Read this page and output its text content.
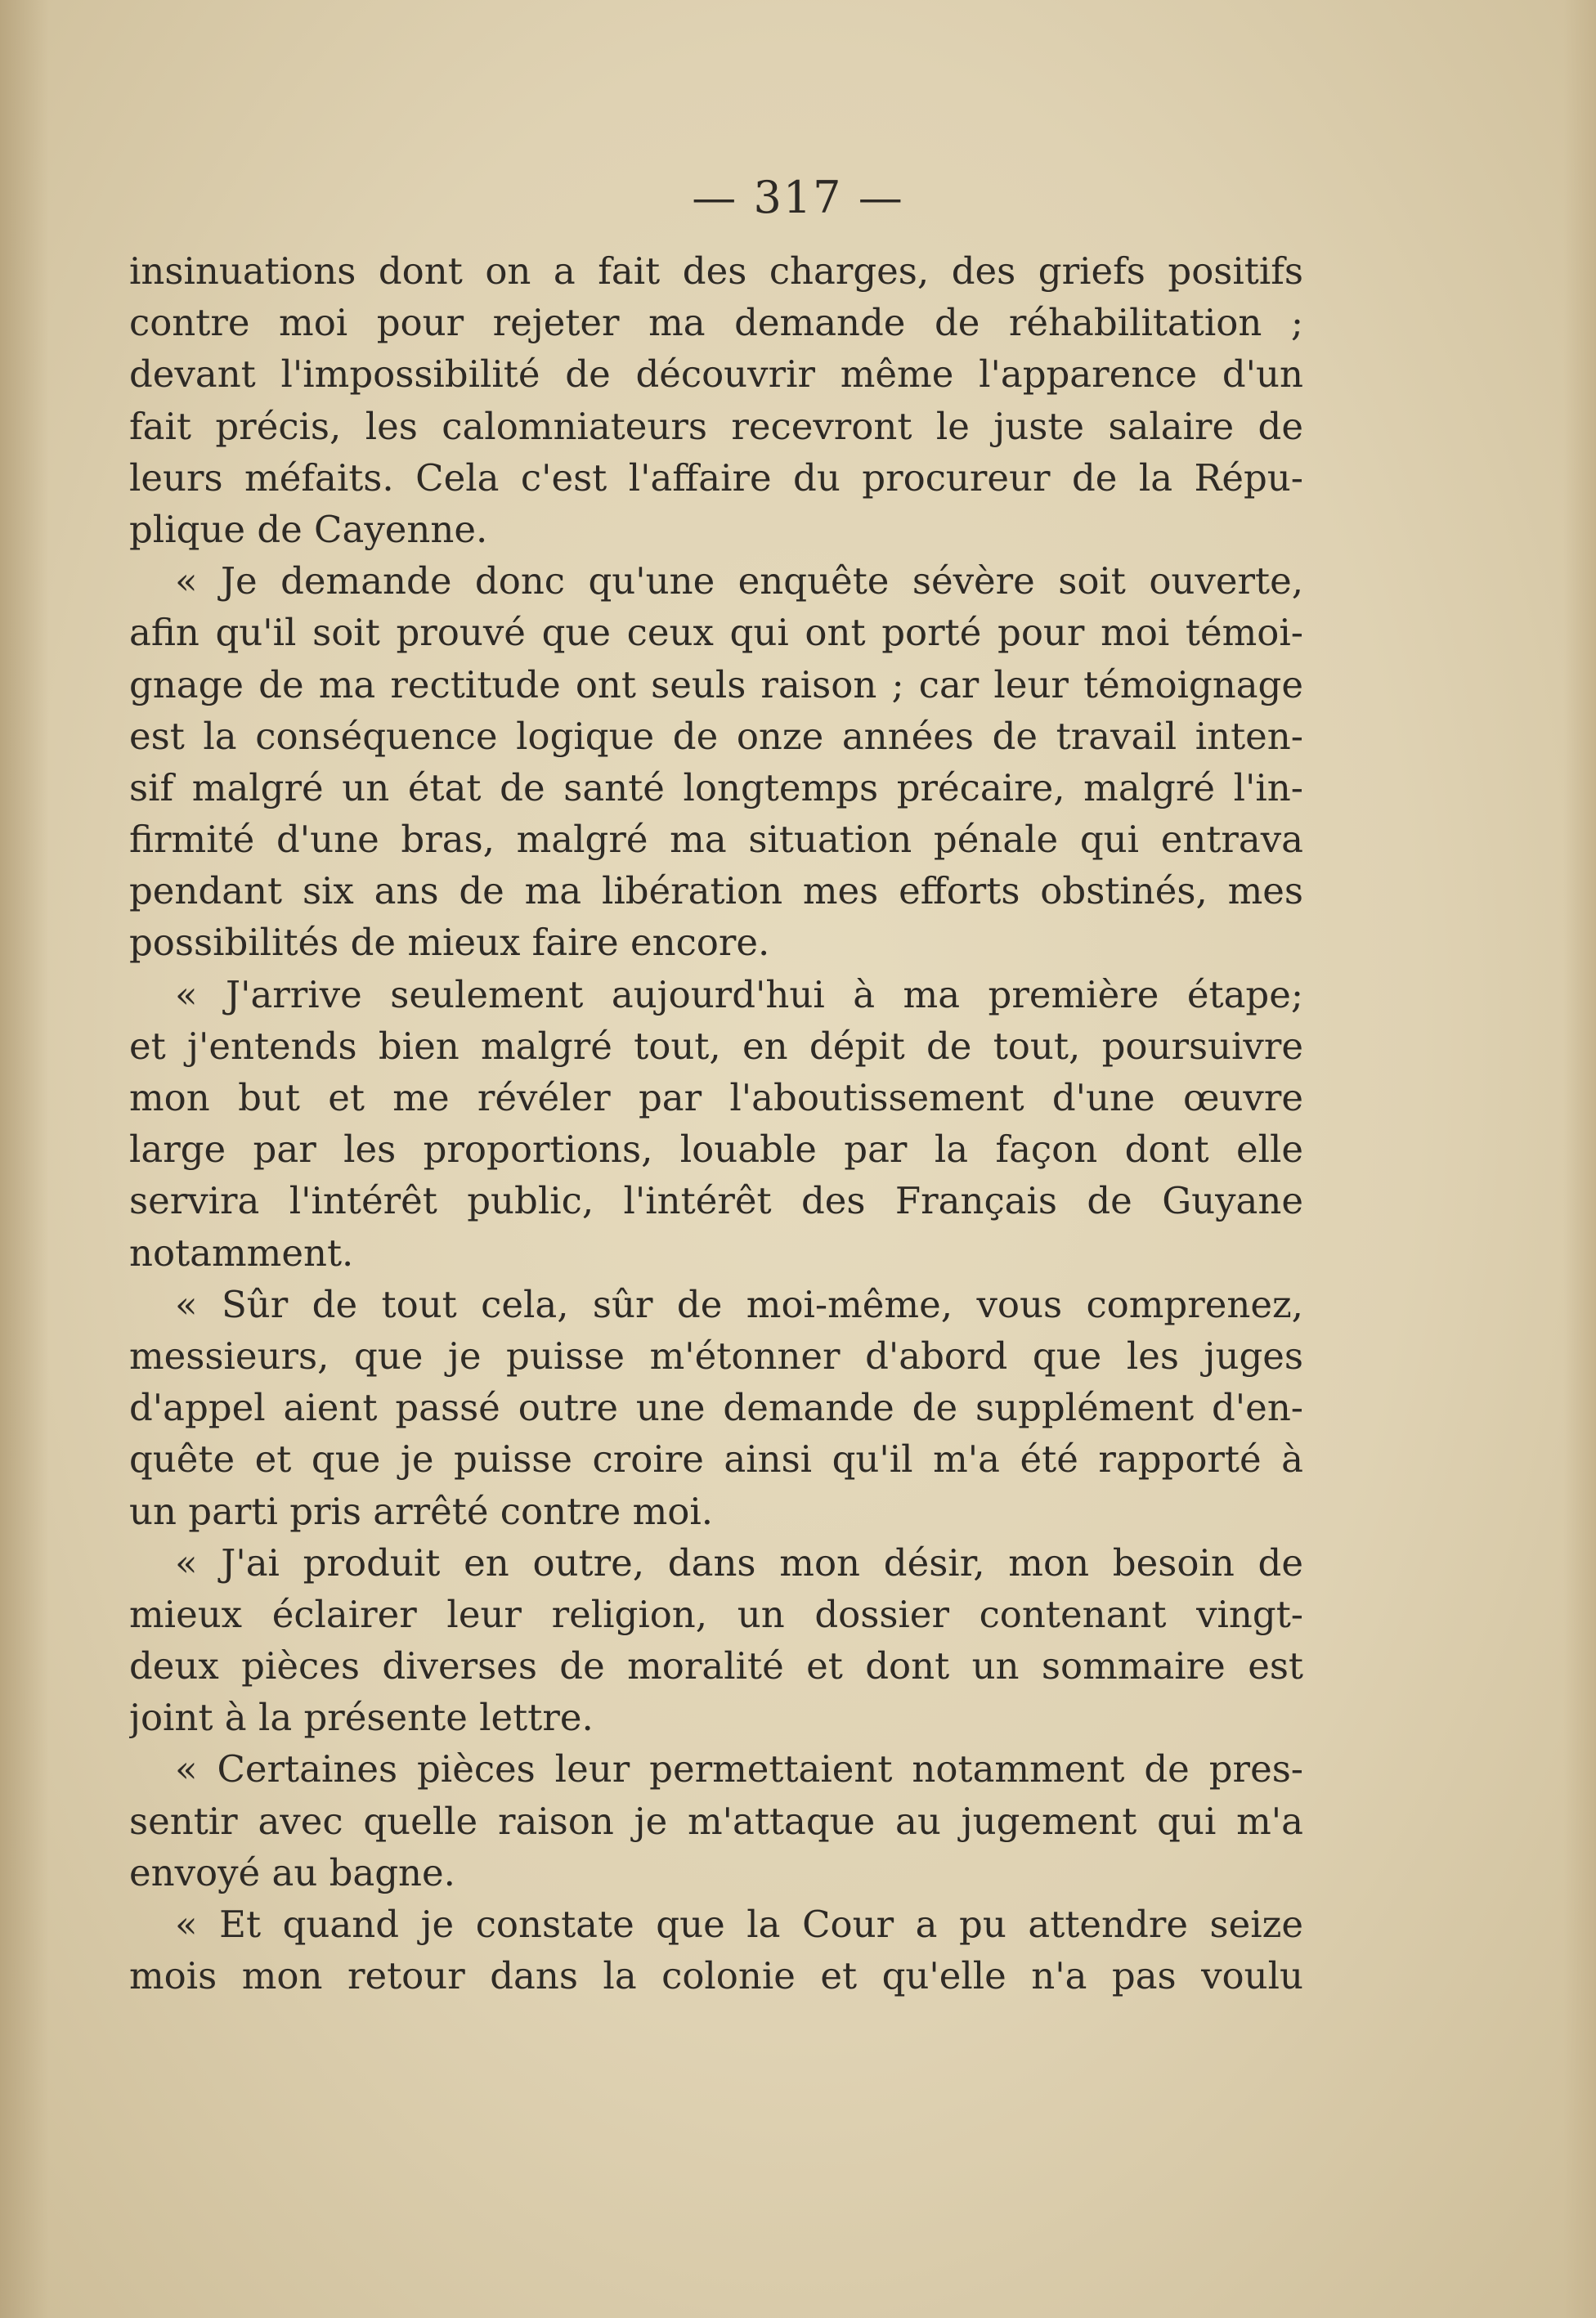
— 317 —
insinuations dont on a fait des charges, des griefs positifs
contre moi pour rejeter ma demande de réhabilitation ;
devant l'impossibilité de découvrir même l'apparence d'un
fait précis, les calomniateurs recevront le juste salaire de
leurs méfaits. Cela c'est l'affaire du procureur de la Répu-
plique de Cayenne.
« Je demande donc qu'une enquête sévère soit ouverte,
afin qu'il soit prouvé que ceux qui ont porté pour moi témoi-
gnage de ma rectitude ont seuls raison ; car leur témoignage
est la conséquence logique de onze années de travail inten-
sif malgré un état de santé longtemps précaire, malgré l'in-
firmité d'une bras, malgré ma situation pénale qui entrava
pendant six ans de ma libération mes efforts obstinés, mes
possibilités de mieux faire encore.
« J'arrive seulement aujourd'hui à ma première étape;
et j'entends bien malgré tout, en dépit de tout, poursuivre
mon but et me révéler par l'aboutissement d'une œuvre
large par les proportions, louable par la façon dont elle
servira l'intérêt public, l'intérêt des Français de Guyane
notamment.
« Sûr de tout cela, sûr de moi-même, vous comprenez,
messieurs, que je puisse m'étonner d'abord que les juges
d'appel aient passé outre une demande de supplément d'en-
quête et que je puisse croire ainsi qu'il m'a été rapporté à
un parti pris arrêté contre moi.
« J'ai produit en outre, dans mon désir, mon besoin de
mieux éclairer leur religion, un dossier contenant vingt-
deux pièces diverses de moralité et dont un sommaire est
joint à la présente lettre.
« Certaines pièces leur permettaient notamment de pres-
sentir avec quelle raison je m'attaque au jugement qui m'a
envoyé au bagne.
« Et quand je constate que la Cour a pu attendre seize
mois mon retour dans la colonie et qu'elle n'a pas voulu
